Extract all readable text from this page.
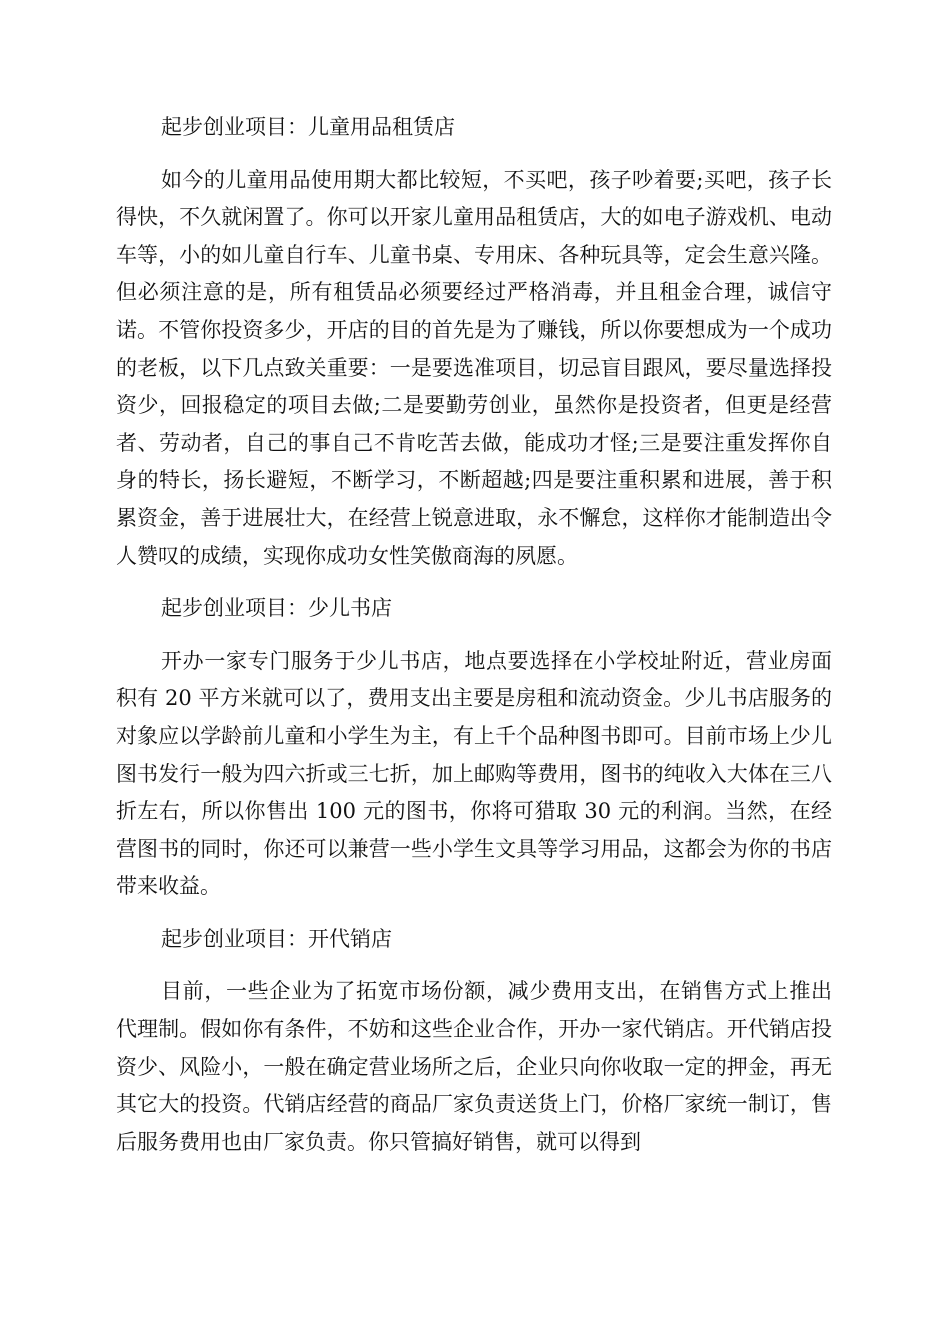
起步创业项目：儿童用品租赁店

如今的儿童用品使用期大都比较短，不买吧，孩子吵着要;买吧，孩子长得快，不久就闲置了。你可以开家儿童用品租赁店，大的如电子游戏机、电动车等，小的如儿童自行车、儿童书桌、专用床、各种玩具等，定会生意兴隆。但必须注意的是，所有租赁品必须要经过严格消毒，并且租金合理，诚信守诺。不管你投资多少，开店的目的首先是为了赚钱，所以你要想成为一个成功的老板，以下几点致关重要：一是要选准项目，切忌盲目跟风，要尽量选择投资少，回报稳定的项目去做;二是要勤劳创业，虽然你是投资者，但更是经营者、劳动者，自己的事自己不肯吃苦去做，能成功才怪;三是要注重发挥你自身的特长，扬长避短，不断学习，不断超越;四是要注重积累和进展，善于积累资金，善于进展壮大，在经营上锐意进取，永不懈怠，这样你才能制造出令人赞叹的成绩，实现你成功女性笑傲商海的夙愿。

起步创业项目：少儿书店

开办一家专门服务于少儿书店，地点要选择在小学校址附近，营业房面积有 20 平方米就可以了，费用支出主要是房租和流动资金。少儿书店服务的对象应以学龄前儿童和小学生为主，有上千个品种图书即可。目前市场上少儿图书发行一般为四六折或三七折，加上邮购等费用，图书的纯收入大体在三八折左右，所以你售出 100 元的图书，你将可猎取 30 元的利润。当然，在经营图书的同时，你还可以兼营一些小学生文具等学习用品，这都会为你的书店带来收益。

起步创业项目：开代销店

目前，一些企业为了拓宽市场份额，减少费用支出，在销售方式上推出代理制。假如你有条件，不妨和这些企业合作，开办一家代销店。开代销店投资少、风险小，一般在确定营业场所之后，企业只向你收取一定的押金，再无其它大的投资。代销店经营的商品厂家负责送货上门，价格厂家统一制订，售后服务费用也由厂家负责。你只管搞好销售，就可以得到
